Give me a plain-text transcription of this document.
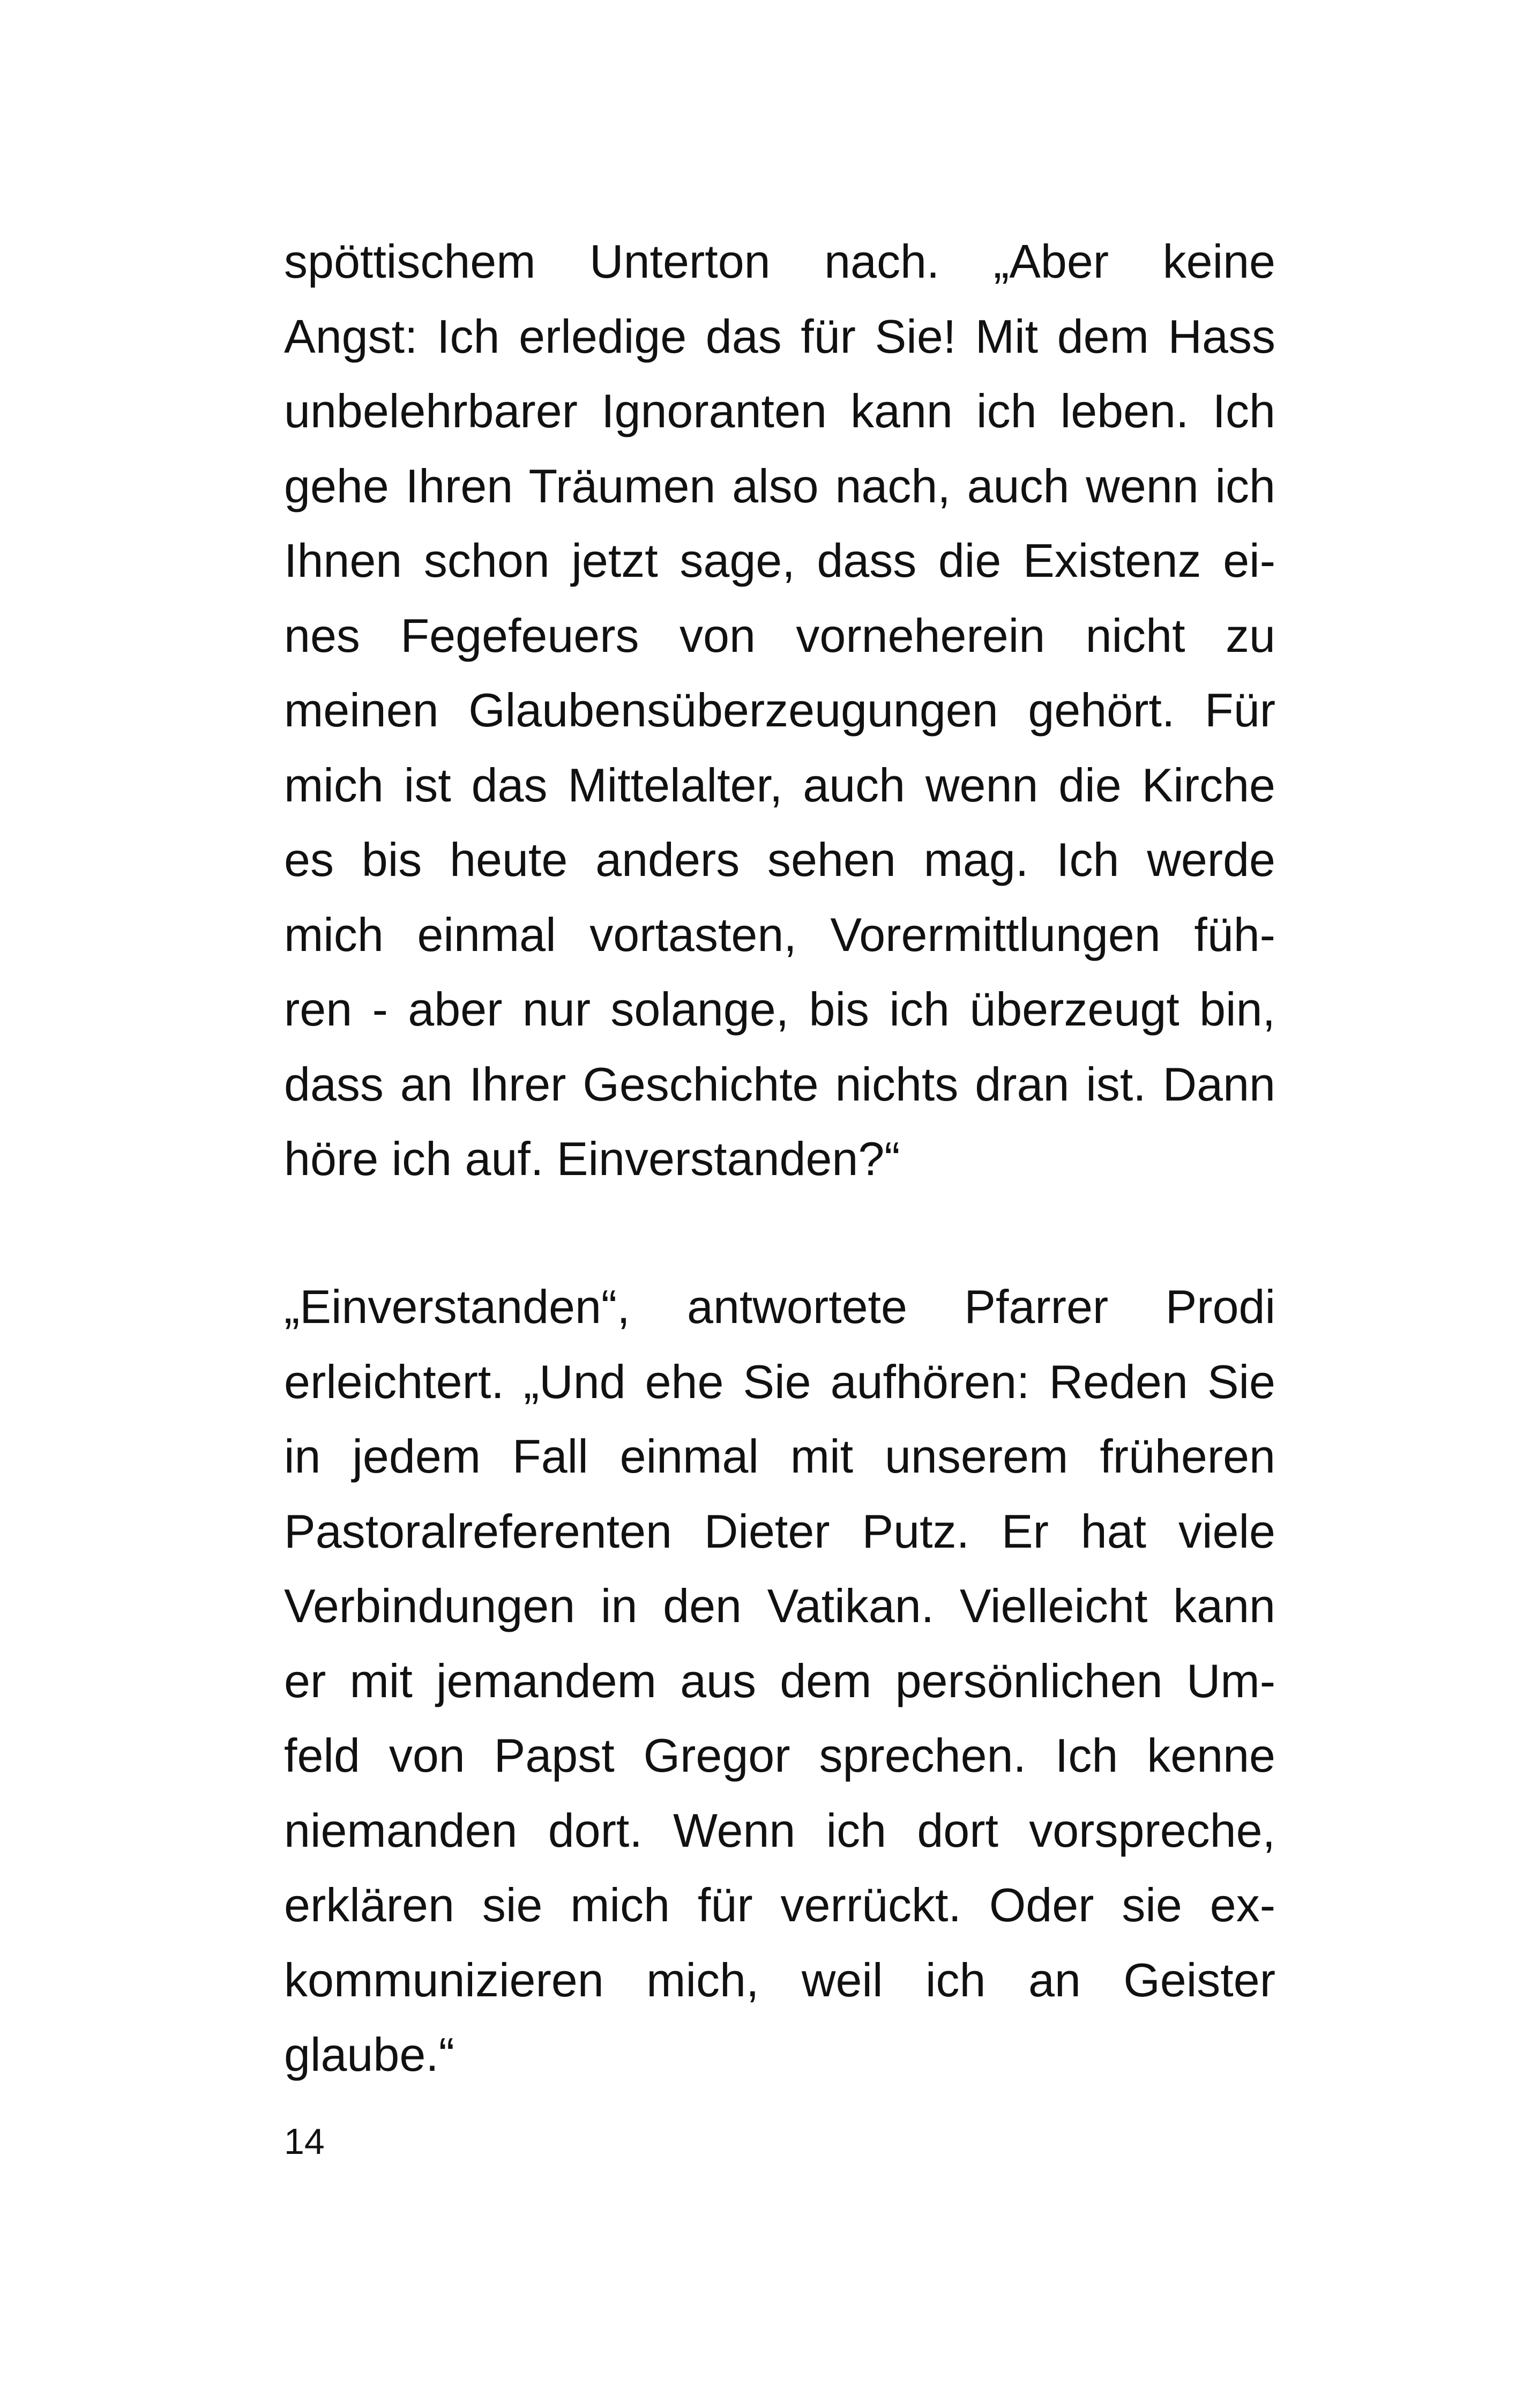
spöttischem Unterton nach. „Aber keine
Angst: Ich erledige das für Sie! Mit dem Hass
unbelehrbarer Ignoranten kann ich leben. Ich
gehe Ihren Träumen also nach, auch wenn ich
Ihnen schon jetzt sage, dass die Existenz ei-
nes Fegefeuers von vorneherein nicht zu
meinen Glaubensüberzeugungen gehört. Für
mich ist das Mittelalter, auch wenn die Kirche
es bis heute anders sehen mag. Ich werde
mich einmal vortasten, Vorermittlungen füh-
ren - aber nur solange, bis ich überzeugt bin,
dass an Ihrer Geschichte nichts dran ist. Dann
höre ich auf. Einverstanden?“
„Einverstanden“, antwortete Pfarrer Prodi
erleichtert. „Und ehe Sie aufhören: Reden Sie
in jedem Fall einmal mit unserem früheren
Pastoralreferenten Dieter Putz. Er hat viele
Verbindungen in den Vatikan. Vielleicht kann
er mit jemandem aus dem persönlichen Um-
feld von Papst Gregor sprechen. Ich kenne
niemanden dort. Wenn ich dort vorspreche,
erklären sie mich für verrückt. Oder sie ex-
kommunizieren mich, weil ich an Geister
glaube.“
14
